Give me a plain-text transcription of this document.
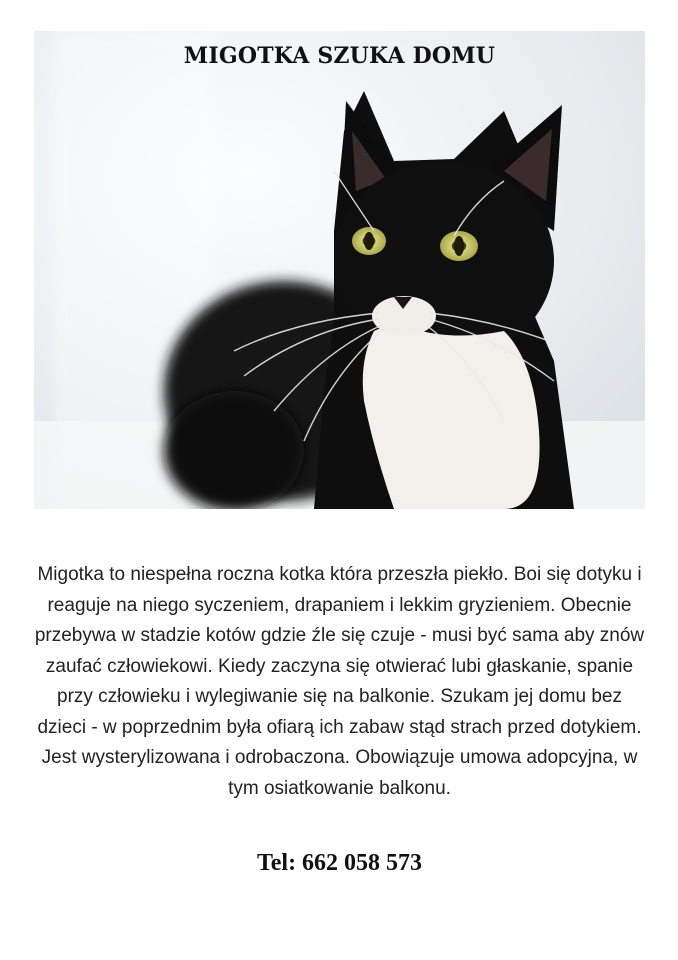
MIGOTKA SZUKA DOMU
Migotka to niespełna roczna kotka która przeszła piekło. Boi się dotyku i reaguje na niego syczeniem, drapaniem i lekkim gryzieniem. Obecnie przebywa w stadzie kotów gdzie źle się czuje - musi być sama aby znów zaufać człowiekowi. Kiedy zaczyna się otwierać lubi głaskanie, spanie przy człowieku i wylegiwanie się na balkonie. Szukam jej domu bez dzieci - w poprzednim była ofiarą ich zabaw stąd strach przed dotykiem. Jest wysterylizowana i odrobaczona. Obowiązuje umowa adopcyjna, w tym osiatkowanie balkonu.
Tel: 662 058 573
